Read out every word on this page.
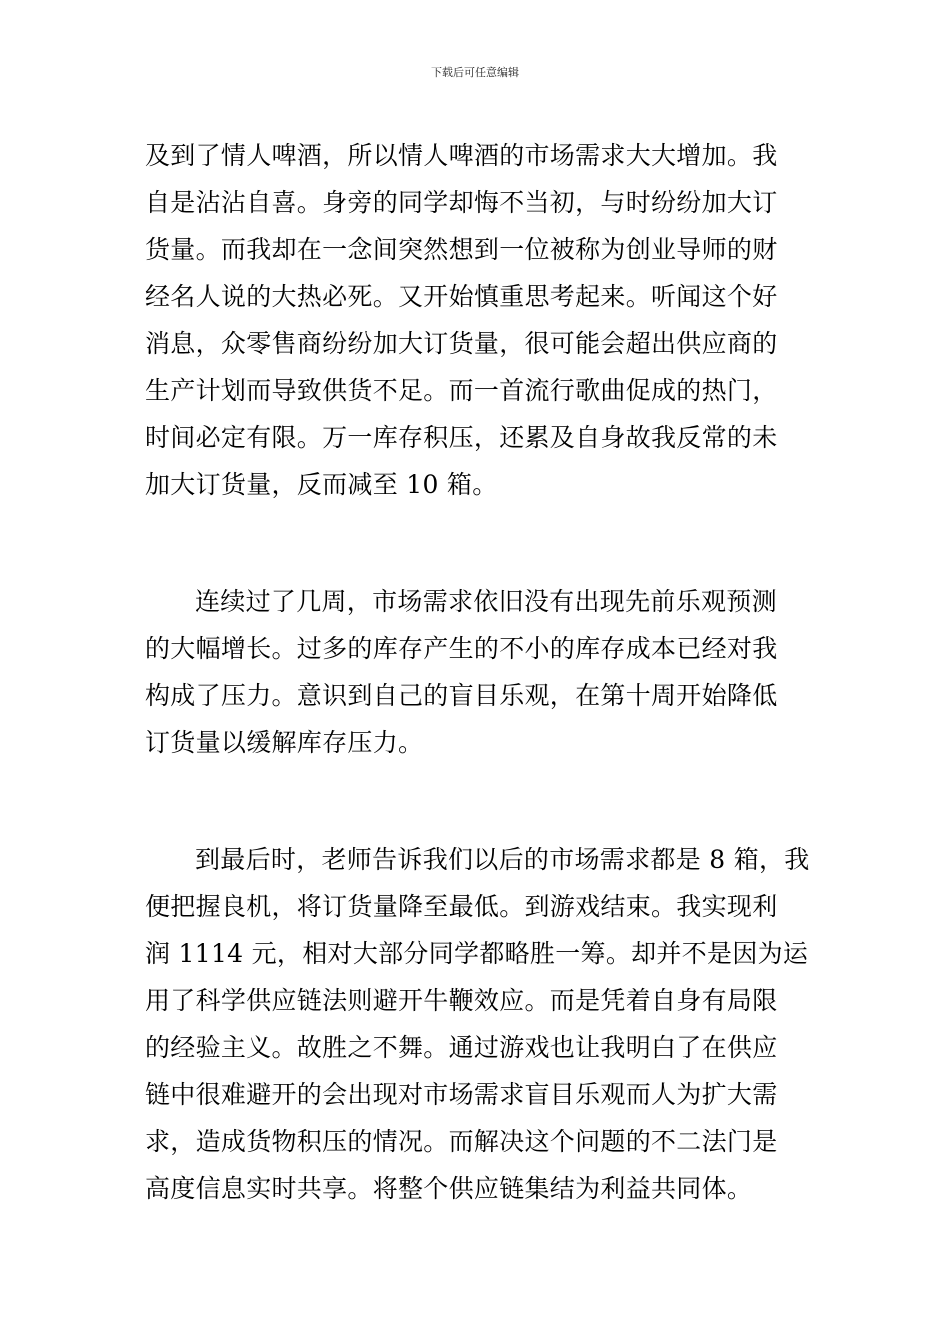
下载后可任意编辑
及到了情人啤酒，所以情人啤酒的市场需求大大增加。我
自是沾沾自喜。身旁的同学却悔不当初，与时纷纷加大订
货量。而我却在一念间突然想到一位被称为创业导师的财
经名人说的大热必死。又开始慎重思考起来。听闻这个好
消息，众零售商纷纷加大订货量，很可能会超出供应商的
生产计划而导致供货不足。而一首流行歌曲促成的热门，
时间必定有限。万一库存积压，还累及自身故我反常的未
加大订货量，反而减至 10 箱。
连续过了几周，市场需求依旧没有出现先前乐观预测
的大幅增长。过多的库存产生的不小的库存成本已经对我
构成了压力。意识到自己的盲目乐观，在第十周开始降低
订货量以缓解库存压力。
到最后时，老师告诉我们以后的市场需求都是 8 箱，我
便把握良机，将订货量降至最低。到游戏结束。我实现利
润 1114 元，相对大部分同学都略胜一筹。却并不是因为运
用了科学供应链法则避开牛鞭效应。而是凭着自身有局限
的经验主义。故胜之不舞。通过游戏也让我明白了在供应
链中很难避开的会出现对市场需求盲目乐观而人为扩大需
求，造成货物积压的情况。而解决这个问题的不二法门是
高度信息实时共享。将整个供应链集结为利益共同体。
